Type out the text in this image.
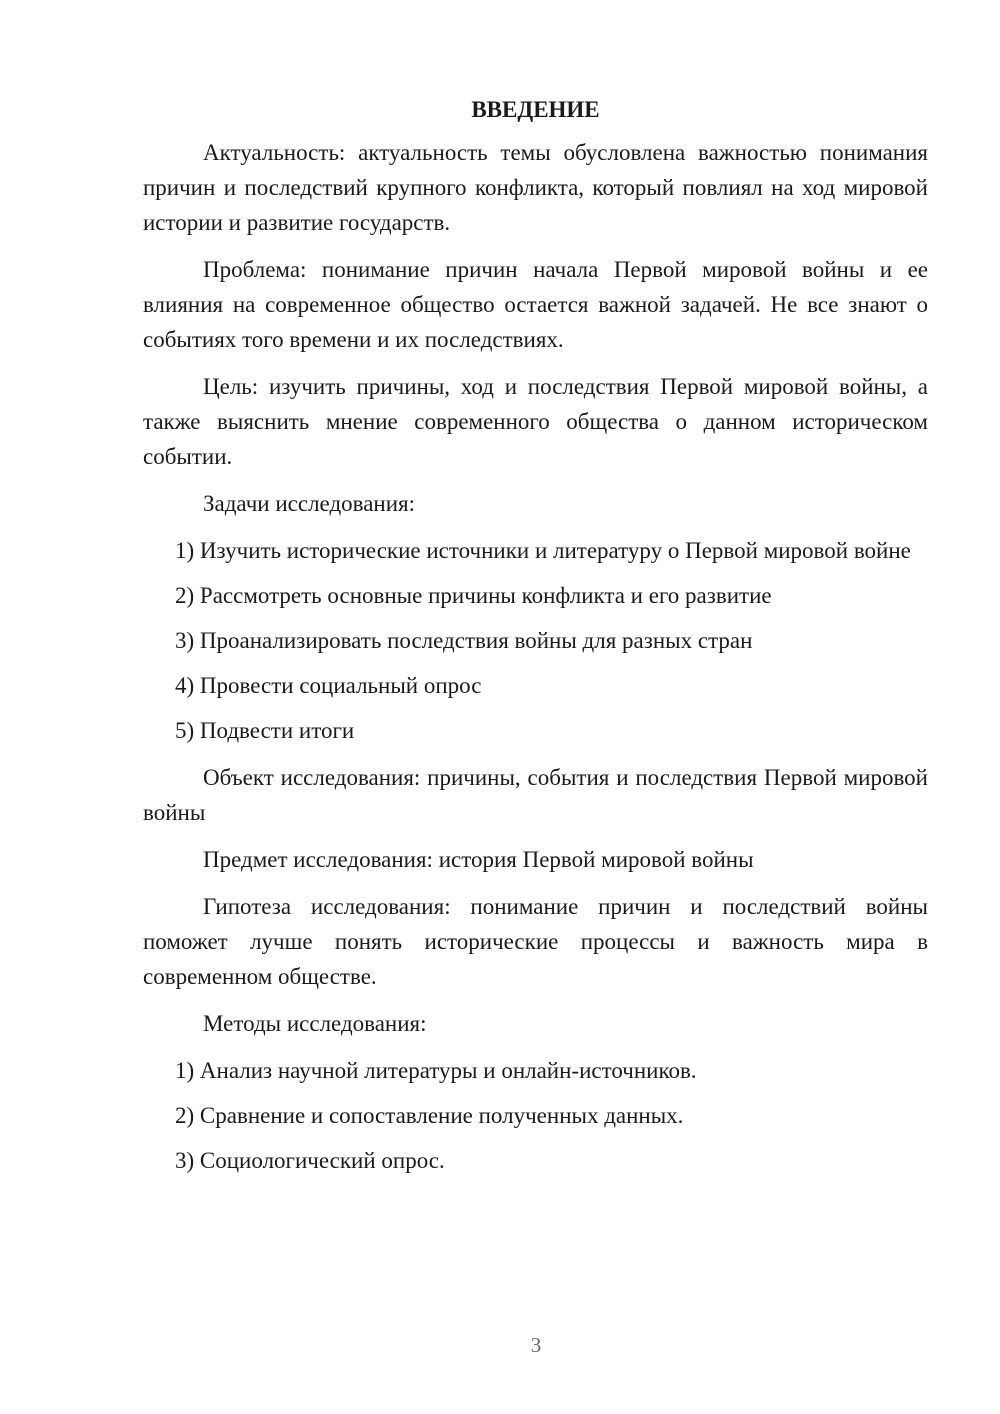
ВВЕДЕНИЕ

Актуальность: актуальность темы обусловлена важностью понимания причин и последствий крупного конфликта, который повлиял на ход мировой истории и развитие государств.

Проблема: понимание причин начала Первой мировой войны и ее влияния на современное общество остается важной задачей. Не все знают о событиях того времени и их последствиях.

Цель: изучить причины, ход и последствия Первой мировой войны, а также выяснить мнение современного общества о данном историческом событии.

Задачи исследования:

1) Изучить исторические источники и литературу о Первой мировой войне
2) Рассмотреть основные причины конфликта и его развитие
3) Проанализировать последствия войны для разных стран
4) Провести социальный опрос
5) Подвести итоги

Объект исследования: причины, события и последствия Первой мировой войны

Предмет исследования: история Первой мировой войны

Гипотеза исследования: понимание причин и последствий войны поможет лучше понять исторические процессы и важность мира в современном обществе.

Методы исследования:

1) Анализ научной литературы и онлайн-источников.
2) Сравнение и сопоставление полученных данных.
3) Социологический опрос.
3
